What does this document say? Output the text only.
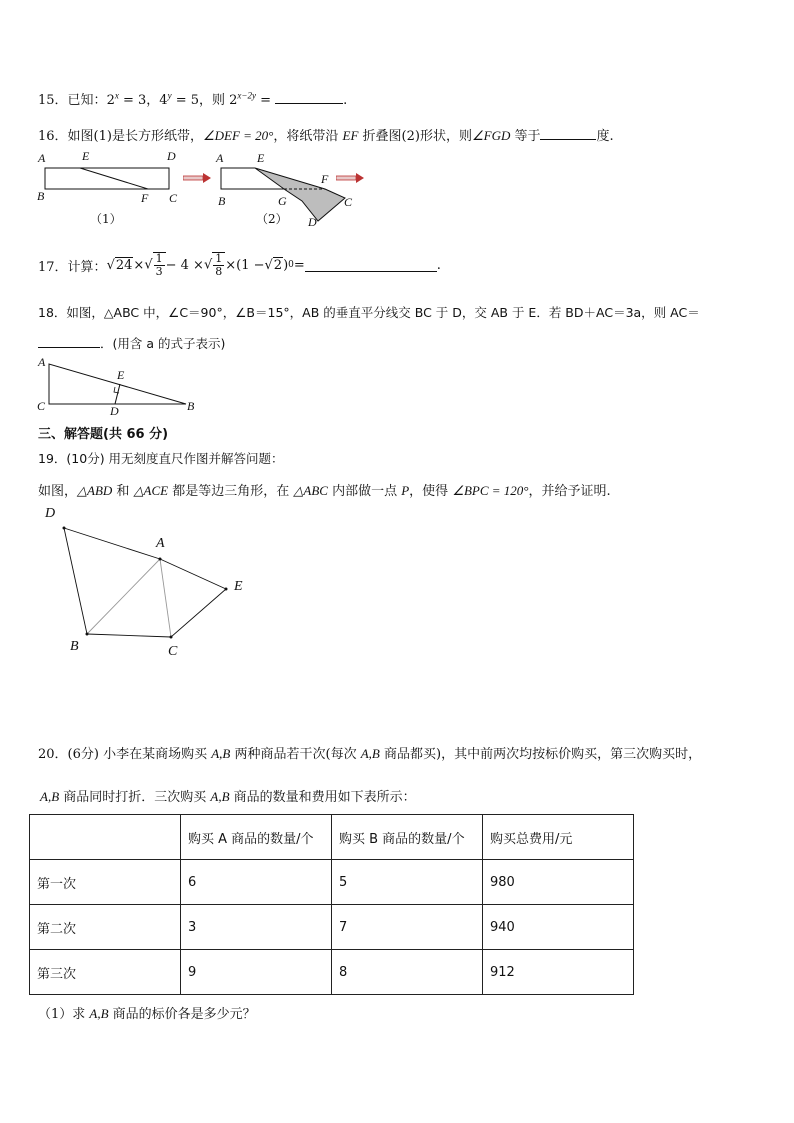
15．已知：$2^x = 3$，$4^y = 5$，则 $2^{x-2y}$ =	.
16．如图(1)是长方形纸带，∠DEF = 20°，将纸带沿 EF 折叠图(2)形状，则∠FGD 等于	度.
A	E	D
B	F C
（1）
A	E
F
B	G	C
D
（2）
17． 计算： √24 × √ $\frac{1}{3} - 4$ × √ $\frac{1}{8} \times(1 - √2$ ) 0 =	.
18．如图，△ABC 中，∠C＝90°，∠B＝15°，AB 的垂直平分线交 BC 于 D，交 AB 于 E．若 BD＋AC＝3a，则 AC＝
．(用含 a 的式子表示)
A
E
C	D	B
三、解答题(共 66 分)
19．(10分) 用无刻度直尺作图并解答问题：
如图，△ABD 和 △ACE 都是等边三角形，在 △ABC 内部做一点 P，使得 ∠BPC = 120°，并给予证明.
D
A
E
B	C
20．(6分) 小李在某商场购买 A,B 两种商品若干次(每次 A,B 商品都买)，其中前两次均按标价购买，第三次购买时，
A,B 商品同时打折．三次购买 A,B 商品的数量和费用如下表所示：
	购买 A 商品的数量/个	购买 B 商品的数量/个	购买总费用/元
第一次	6	5	980
第二次	3	7	940
第三次	9	8	912
（1）求 A,B 商品的标价各是多少元？
